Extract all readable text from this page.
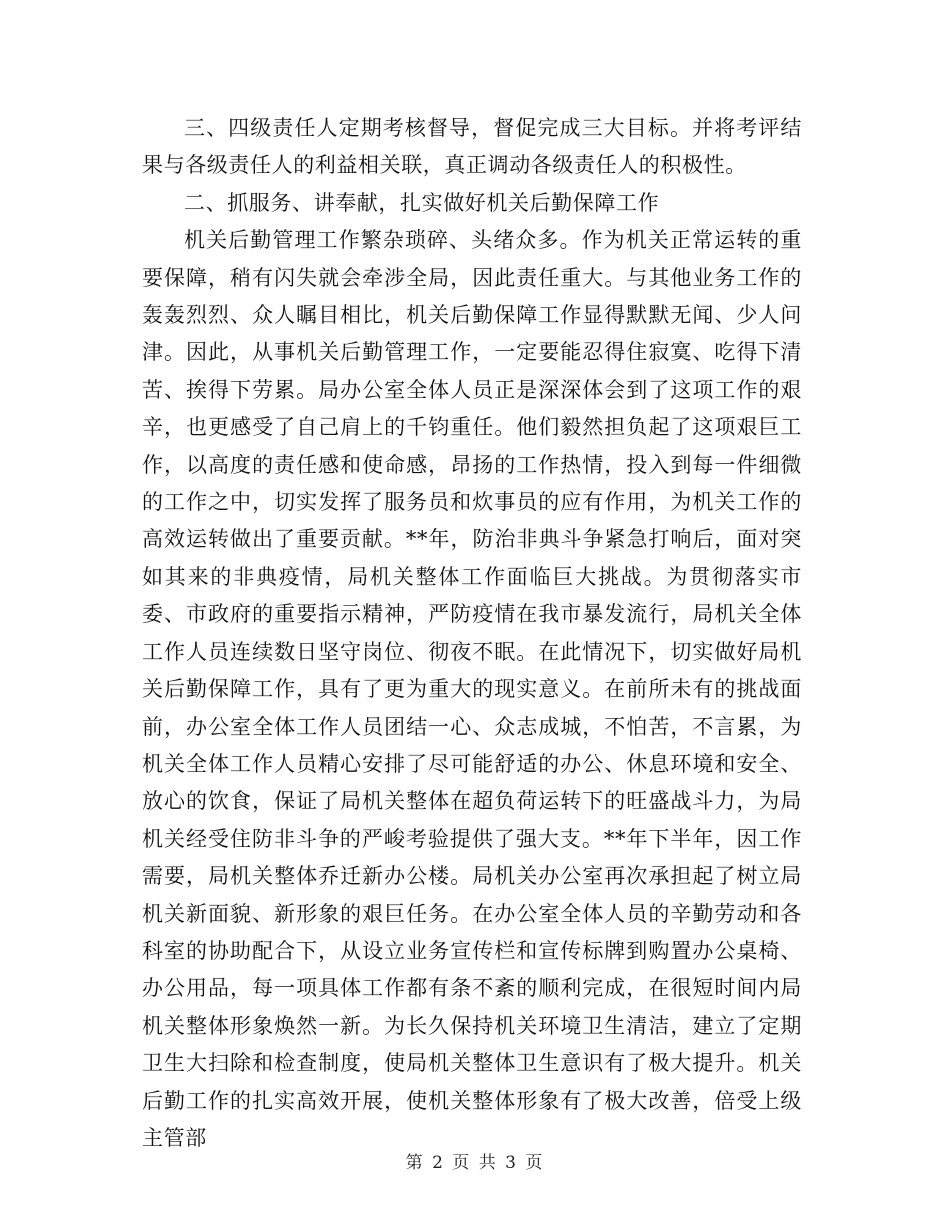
三、四级责任人定期考核督导，督促完成三大目标。并将考评结果与各级责任人的利益相关联，真正调动各级责任人的积极性。

二、抓服务、讲奉献，扎实做好机关后勤保障工作

机关后勤管理工作繁杂琐碎、头绪众多。作为机关正常运转的重要保障，稍有闪失就会牵涉全局，因此责任重大。与其他业务工作的轰轰烈烈、众人瞩目相比，机关后勤保障工作显得默默无闻、少人问津。因此，从事机关后勤管理工作，一定要能忍得住寂寞、吃得下清苦、挨得下劳累。局办公室全体人员正是深深体会到了这项工作的艰辛，也更感受了自己肩上的千钧重任。他们毅然担负起了这项艰巨工作，以高度的责任感和使命感，昂扬的工作热情，投入到每一件细微的工作之中，切实发挥了服务员和炊事员的应有作用，为机关工作的高效运转做出了重要贡献。**年，防治非典斗争紧急打响后，面对突如其来的非典疫情，局机关整体工作面临巨大挑战。为贯彻落实市委、市政府的重要指示精神，严防疫情在我市暴发流行，局机关全体工作人员连续数日坚守岗位、彻夜不眠。在此情况下，切实做好局机关后勤保障工作，具有了更为重大的现实意义。在前所未有的挑战面前，办公室全体工作人员团结一心、众志成城，不怕苦，不言累，为机关全体工作人员精心安排了尽可能舒适的办公、休息环境和安全、放心的饮食，保证了局机关整体在超负荷运转下的旺盛战斗力，为局机关经受住防非斗争的严峻考验提供了强大支。**年下半年，因工作需要，局机关整体乔迁新办公楼。局机关办公室再次承担起了树立局机关新面貌、新形象的艰巨任务。在办公室全体人员的辛勤劳动和各科室的协助配合下，从设立业务宣传栏和宣传标牌到购置办公桌椅、办公用品，每一项具体工作都有条不紊的顺利完成，在很短时间内局机关整体形象焕然一新。为长久保持机关环境卫生清洁，建立了定期卫生大扫除和检查制度，使局机关整体卫生意识有了极大提升。机关后勤工作的扎实高效开展，使机关整体形象有了极大改善，倍受上级主管部

第 2 页 共 3 页
